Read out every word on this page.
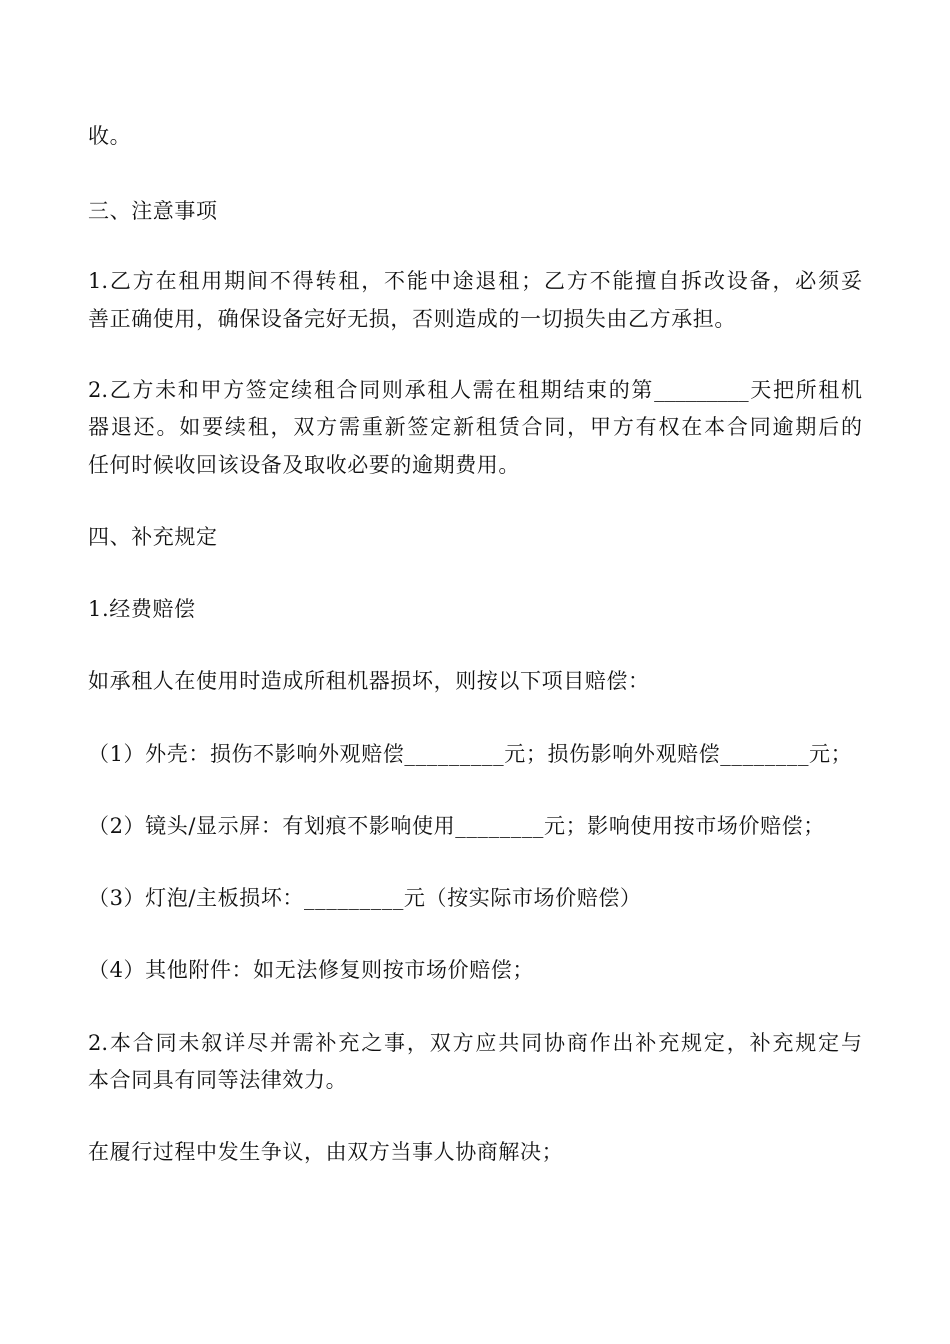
收。
三、注意事项
1.乙方在租用期间不得转租，不能中途退租；乙方不能擅自拆改设备，必须妥
善正确使用，确保设备完好无损，否则造成的一切损失由乙方承担。
2.乙方未和甲方签定续租合同则承租人需在租期结束的第_________天把所租机
器退还。如要续租，双方需重新签定新租赁合同，甲方有权在本合同逾期后的
任何时候收回该设备及取收必要的逾期费用。
四、补充规定
1.经费赔偿
如承租人在使用时造成所租机器损坏，则按以下项目赔偿：
（1）外壳：损伤不影响外观赔偿_________元；损伤影响外观赔偿________元；
（2）镜头/显示屏：有划痕不影响使用________元；影响使用按市场价赔偿；
（3）灯泡/主板损坏：_________元（按实际市场价赔偿）
（4）其他附件：如无法修复则按市场价赔偿；
2.本合同未叙详尽并需补充之事，双方应共同协商作出补充规定，补充规定与
本合同具有同等法律效力。
在履行过程中发生争议，由双方当事人协商解决；
